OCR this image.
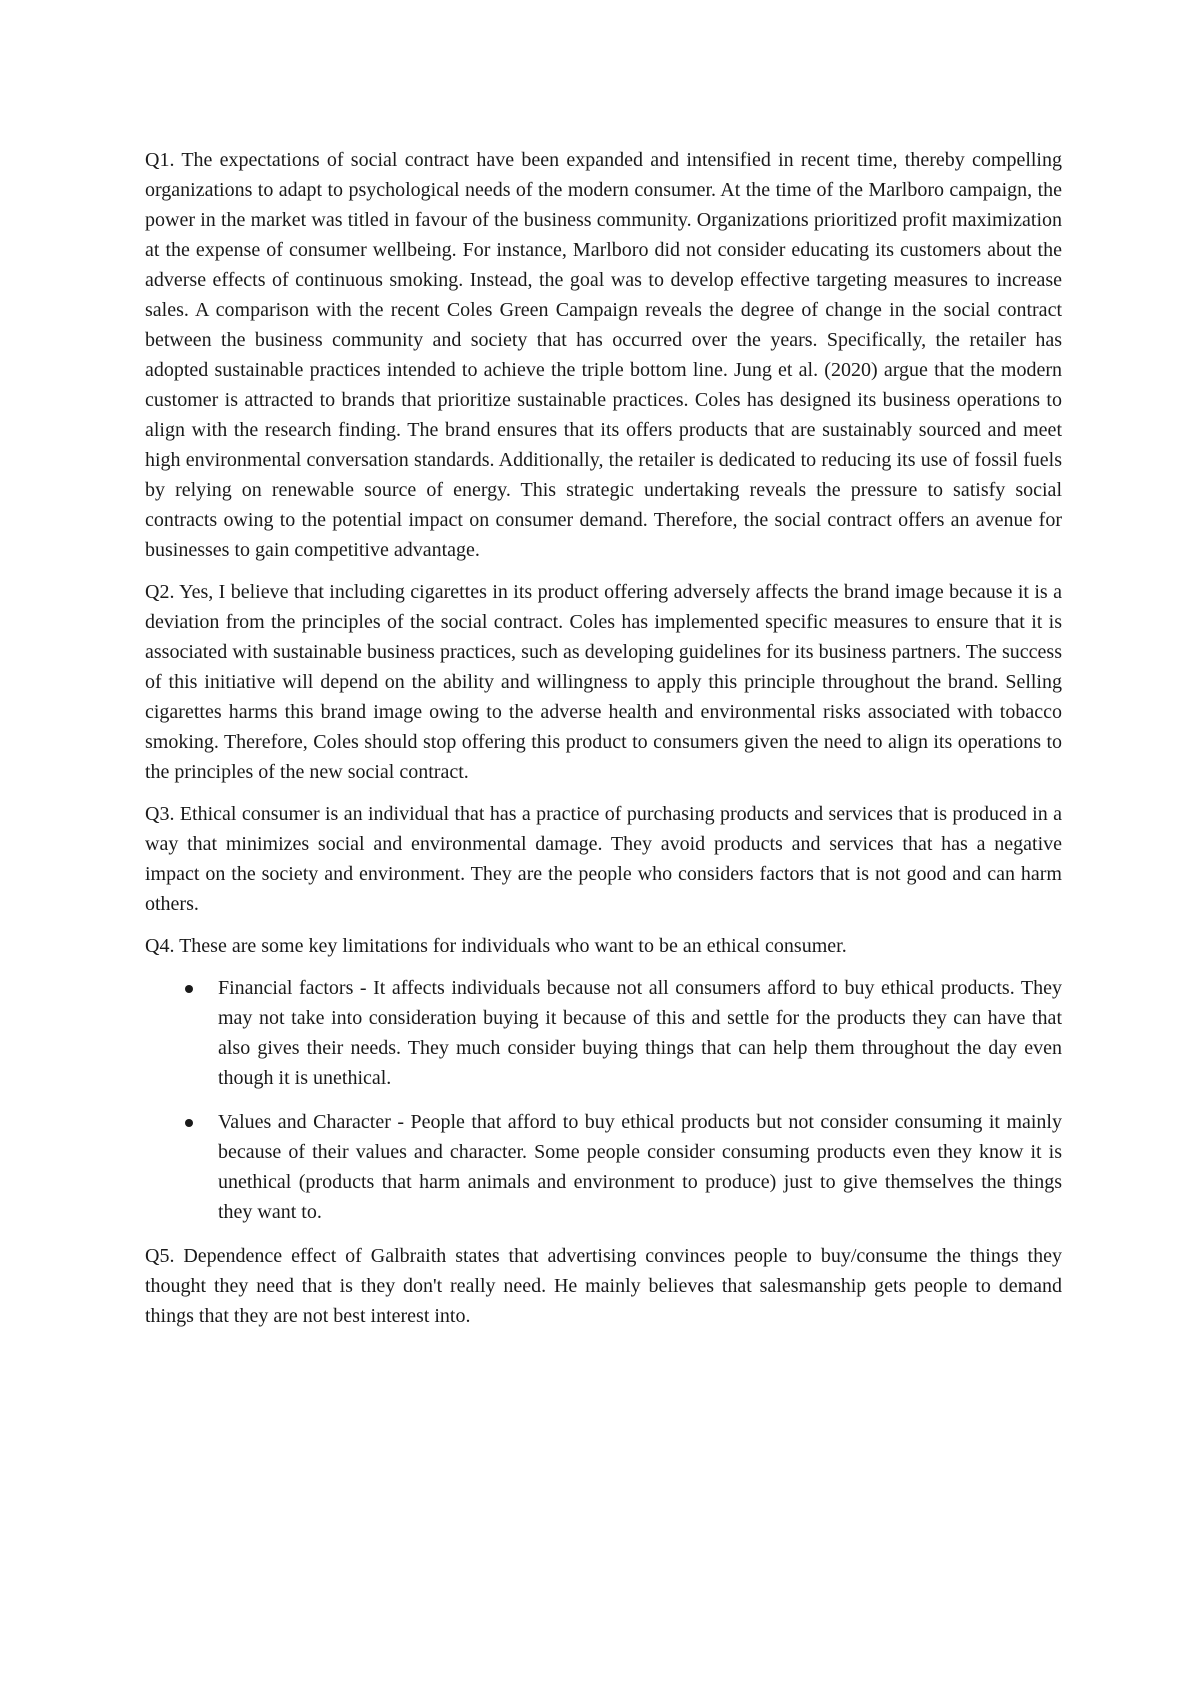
Q1. The expectations of social contract have been expanded and intensified in recent time, thereby compelling organizations to adapt to psychological needs of the modern consumer. At the time of the Marlboro campaign, the power in the market was titled in favour of the business community. Organizations prioritized profit maximization at the expense of consumer wellbeing. For instance, Marlboro did not consider educating its customers about the adverse effects of continuous smoking. Instead, the goal was to develop effective targeting measures to increase sales. A comparison with the recent Coles Green Campaign reveals the degree of change in the social contract between the business community and society that has occurred over the years. Specifically, the retailer has adopted sustainable practices intended to achieve the triple bottom line. Jung et al. (2020) argue that the modern customer is attracted to brands that prioritize sustainable practices. Coles has designed its business operations to align with the research finding. The brand ensures that its offers products that are sustainably sourced and meet high environmental conversation standards. Additionally, the retailer is dedicated to reducing its use of fossil fuels by relying on renewable source of energy. This strategic undertaking reveals the pressure to satisfy social contracts owing to the potential impact on consumer demand. Therefore, the social contract offers an avenue for businesses to gain competitive advantage.

Q2. Yes, I believe that including cigarettes in its product offering adversely affects the brand image because it is a deviation from the principles of the social contract. Coles has implemented specific measures to ensure that it is associated with sustainable business practices, such as developing guidelines for its business partners. The success of this initiative will depend on the ability and willingness to apply this principle throughout the brand. Selling cigarettes harms this brand image owing to the adverse health and environmental risks associated with tobacco smoking. Therefore, Coles should stop offering this product to consumers given the need to align its operations to the principles of the new social contract.

Q3. Ethical consumer is an individual that has a practice of purchasing products and services that is produced in a way that minimizes social and environmental damage. They avoid products and services that has a negative impact on the society and environment. They are the people who considers factors that is not good and can harm others.

Q4. These are some key limitations for individuals who want to be an ethical consumer.

Financial factors - It affects individuals because not all consumers afford to buy ethical products. They may not take into consideration buying it because of this and settle for the products they can have that also gives their needs. They much consider buying things that can help them throughout the day even though it is unethical.
Values and Character - People that afford to buy ethical products but not consider consuming it mainly because of their values and character. Some people consider consuming products even they know it is unethical (products that harm animals and environment to produce) just to give themselves the things they want to.

Q5. Dependence effect of Galbraith states that advertising convinces people to buy/consume the things they thought they need that is they don't really need. He mainly believes that salesmanship gets people to demand things that they are not best interest into.
